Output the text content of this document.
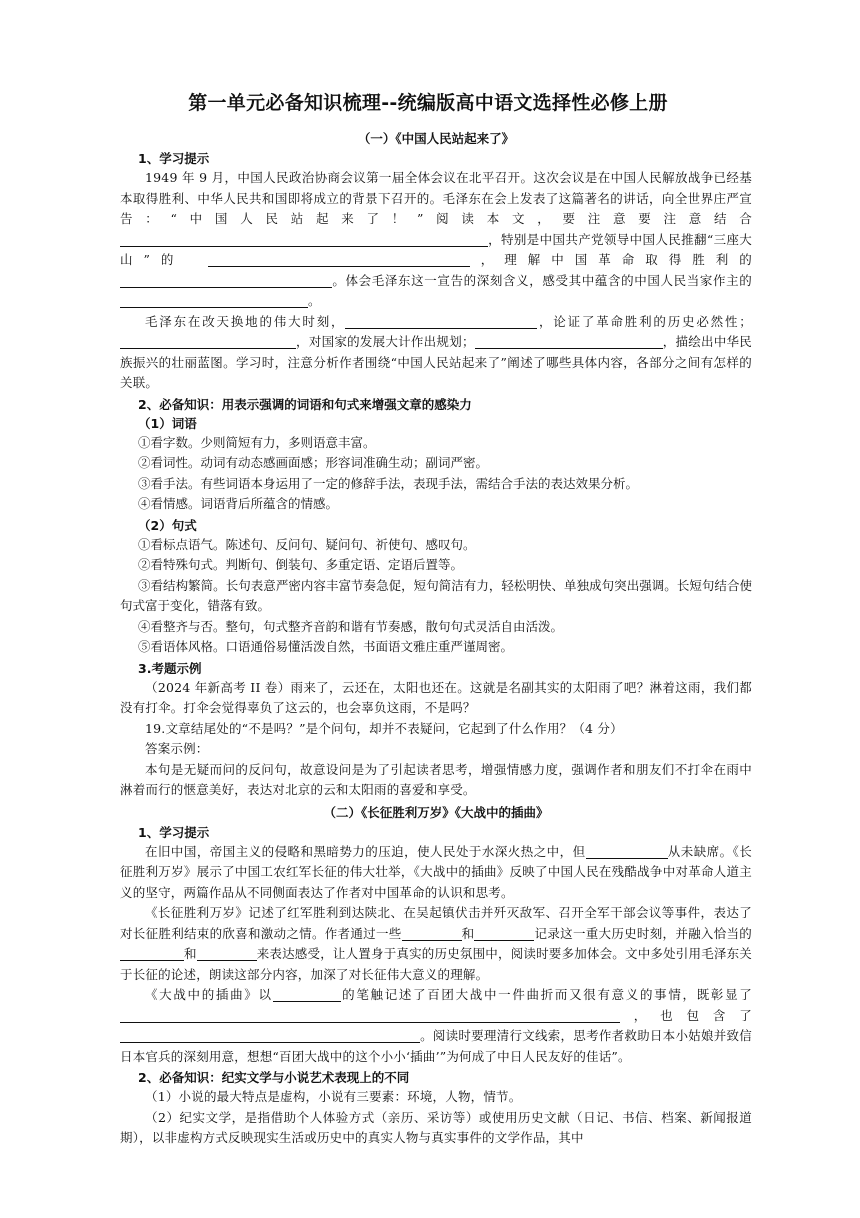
第一单元必备知识梳理--统编版高中语文选择性必修上册
（一）《中国人民站起来了》
1、学习提示

1949 年 9 月，中国人民政治协商会议第一届全体会议在北平召开。这次会议是在中国人民解放战争已经基本取得胜利、中华人民共和国即将成立的背景下召开的。毛泽东在会上发表了这篇著名的讲话，向全世界庄严宣告：“中国人民站起来了！”阅读本文，要注意要注意结合，特别是中国共产党领导中国人民推翻“三座大山”的　	，理解中国革命取得胜利的。体会毛泽东这一宣告的深刻含义，感受其中蕴含的中国人民当家作主的。

毛泽东在改天换地的伟大时刻，	，论证了革命胜利的历史必然性；，对国家的发展大计作出规划；	，描绘出中华民族振兴的壮丽蓝图。学习时，注意分析作者围绕“中国人民站起来了”阐述了哪些具体内容，各部分之间有怎样的关联。

2、必备知识：用表示强调的词语和句式来增强文章的感染力
（1）词语
①看字数。少则简短有力，多则语意丰富。
②看词性。动词有动态感画面感；形容词准确生动；副词严密。
③看手法。有些词语本身运用了一定的修辞手法，表现手法，需结合手法的表达效果分析。
④看情感。词语背后所蕴含的情感。
（2）句式
①看标点语气。陈述句、反问句、疑问句、祈使句、感叹句。
②看特殊句式。判断句、倒装句、多重定语、定语后置等。
③看结构繁简。长句表意严密内容丰富节奏急促，短句简洁有力，轻松明快、单独成句突出强调。长短句结合使句式富于变化，错落有致。
④看整齐与否。整句，句式整齐音韵和谐有节奏感，散句句式灵活自由活泼。
⑤看语体风格。口语通俗易懂活泼自然，书面语文雅庄重严谨周密。
3.考题示例

（2024 年新高考 II 卷）雨来了，云还在，太阳也还在。这就是名副其实的太阳雨了吧？淋着这雨，我们都没有打伞。打伞会觉得辜负了这云的，也会辜负这雨，不是吗？

19.文章结尾处的“不是吗？”是个问句，却并不表疑问，它起到了什么作用？（4 分）

答案示例：

本句是无疑而问的反问句，故意设问是为了引起读者思考，增强情感力度，强调作者和朋友们不打伞在雨中淋着而行的惬意美好，表达对北京的云和太阳雨的喜爱和享受。

（二）《长征胜利万岁》《大战中的插曲》
1、学习提示

在旧中国，帝国主义的侵略和黑暗势力的压迫，使人民处于水深火热之中，但	从未缺席。《长征胜利万岁》展示了中国工农红军长征的伟大壮举，《大战中的插曲》反映了中国人民在残酷战争中对革命人道主义的坚守，两篇作品从不同侧面表达了作者对中国革命的认识和思考。

《长征胜利万岁》记述了红军胜利到达陕北、在吴起镇伏击并歼灭敌军、召开全军干部会议等事件，表达了对长征胜利结束的欣喜和激动之情。作者通过一些	和	记录这一重大历史时刻，并融入恰当的和	来表达感受，让人置身于真实的历史氛围中，阅读时要多加体会。文中多处引用毛泽东关于长征的论述，朗读这部分内容，加深了对长征伟大意义的理解。

《大战中的插曲》以	的笔触记述了百团大战中一件曲折而又很有意义的事情，既彰显了　，也包含了。阅读时要理清行文线索，思考作者救助日本小姑娘并致信日本官兵的深刻用意，想想“百团大战中的这个小小‘插曲’”为何成了中日人民友好的佳话”。

2、必备知识：纪实文学与小说艺术表现上的不同

（1）小说的最大特点是虚构，小说有三要素：环境，人物，情节。

（2）纪实文学，是指借助个人体验方式（亲历、采访等）或使用历史文献（日记、书信、档案、新闻报道期），以非虚构方式反映现实生活或历史中的真实人物与真实事件的文学作品，其中
